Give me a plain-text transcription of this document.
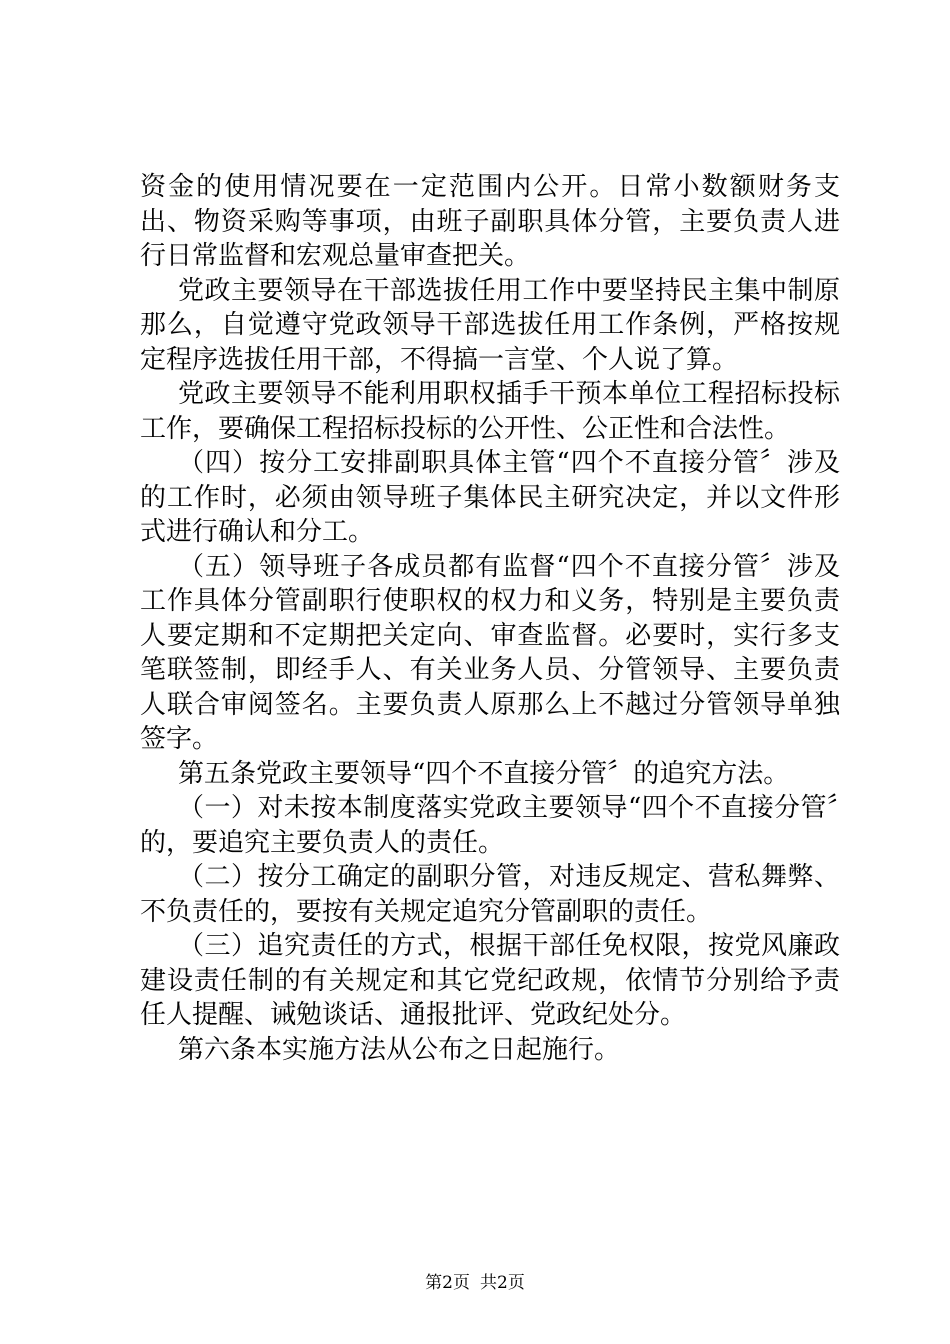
资金的使用情况要在一定范围内公开。日常小数额财务支出、物资采购等事项，由班子副职具体分管，主要负责人进行日常监督和宏观总量审查把关。

党政主要领导在干部选拔任用工作中要坚持民主集中制原那么，自觉遵守党政领导干部选拔任用工作条例，严格按规定程序选拔任用干部，不得搞一言堂、个人说了算。

党政主要领导不能利用职权插手干预本单位工程招标投标工作，要确保工程招标投标的公开性、公正性和合法性。

（四）按分工安排副职具体主管“四个不直接分管〞涉及的工作时，必须由领导班子集体民主研究决定，并以文件形式进行确认和分工。

（五）领导班子各成员都有监督“四个不直接分管〞涉及工作具体分管副职行使职权的权力和义务，特别是主要负责人要定期和不定期把关定向、审查监督。必要时，实行多支笔联签制，即经手人、有关业务人员、分管领导、主要负责人联合审阅签名。主要负责人原那么上不越过分管领导单独签字。

第五条党政主要领导“四个不直接分管〞的追究方法。

（一）对未按本制度落实党政主要领导“四个不直接分管〞的，要追究主要负责人的责任。

（二）按分工确定的副职分管，对违反规定、营私舞弊、不负责任的，要按有关规定追究分管副职的责任。

（三）追究责任的方式，根据干部任免权限，按党风廉政建设责任制的有关规定和其它党纪政规，依情节分别给予责任人提醒、诫勉谈话、通报批评、党政纪处分。

第六条本实施方法从公布之日起施行。

第2页 共2页
